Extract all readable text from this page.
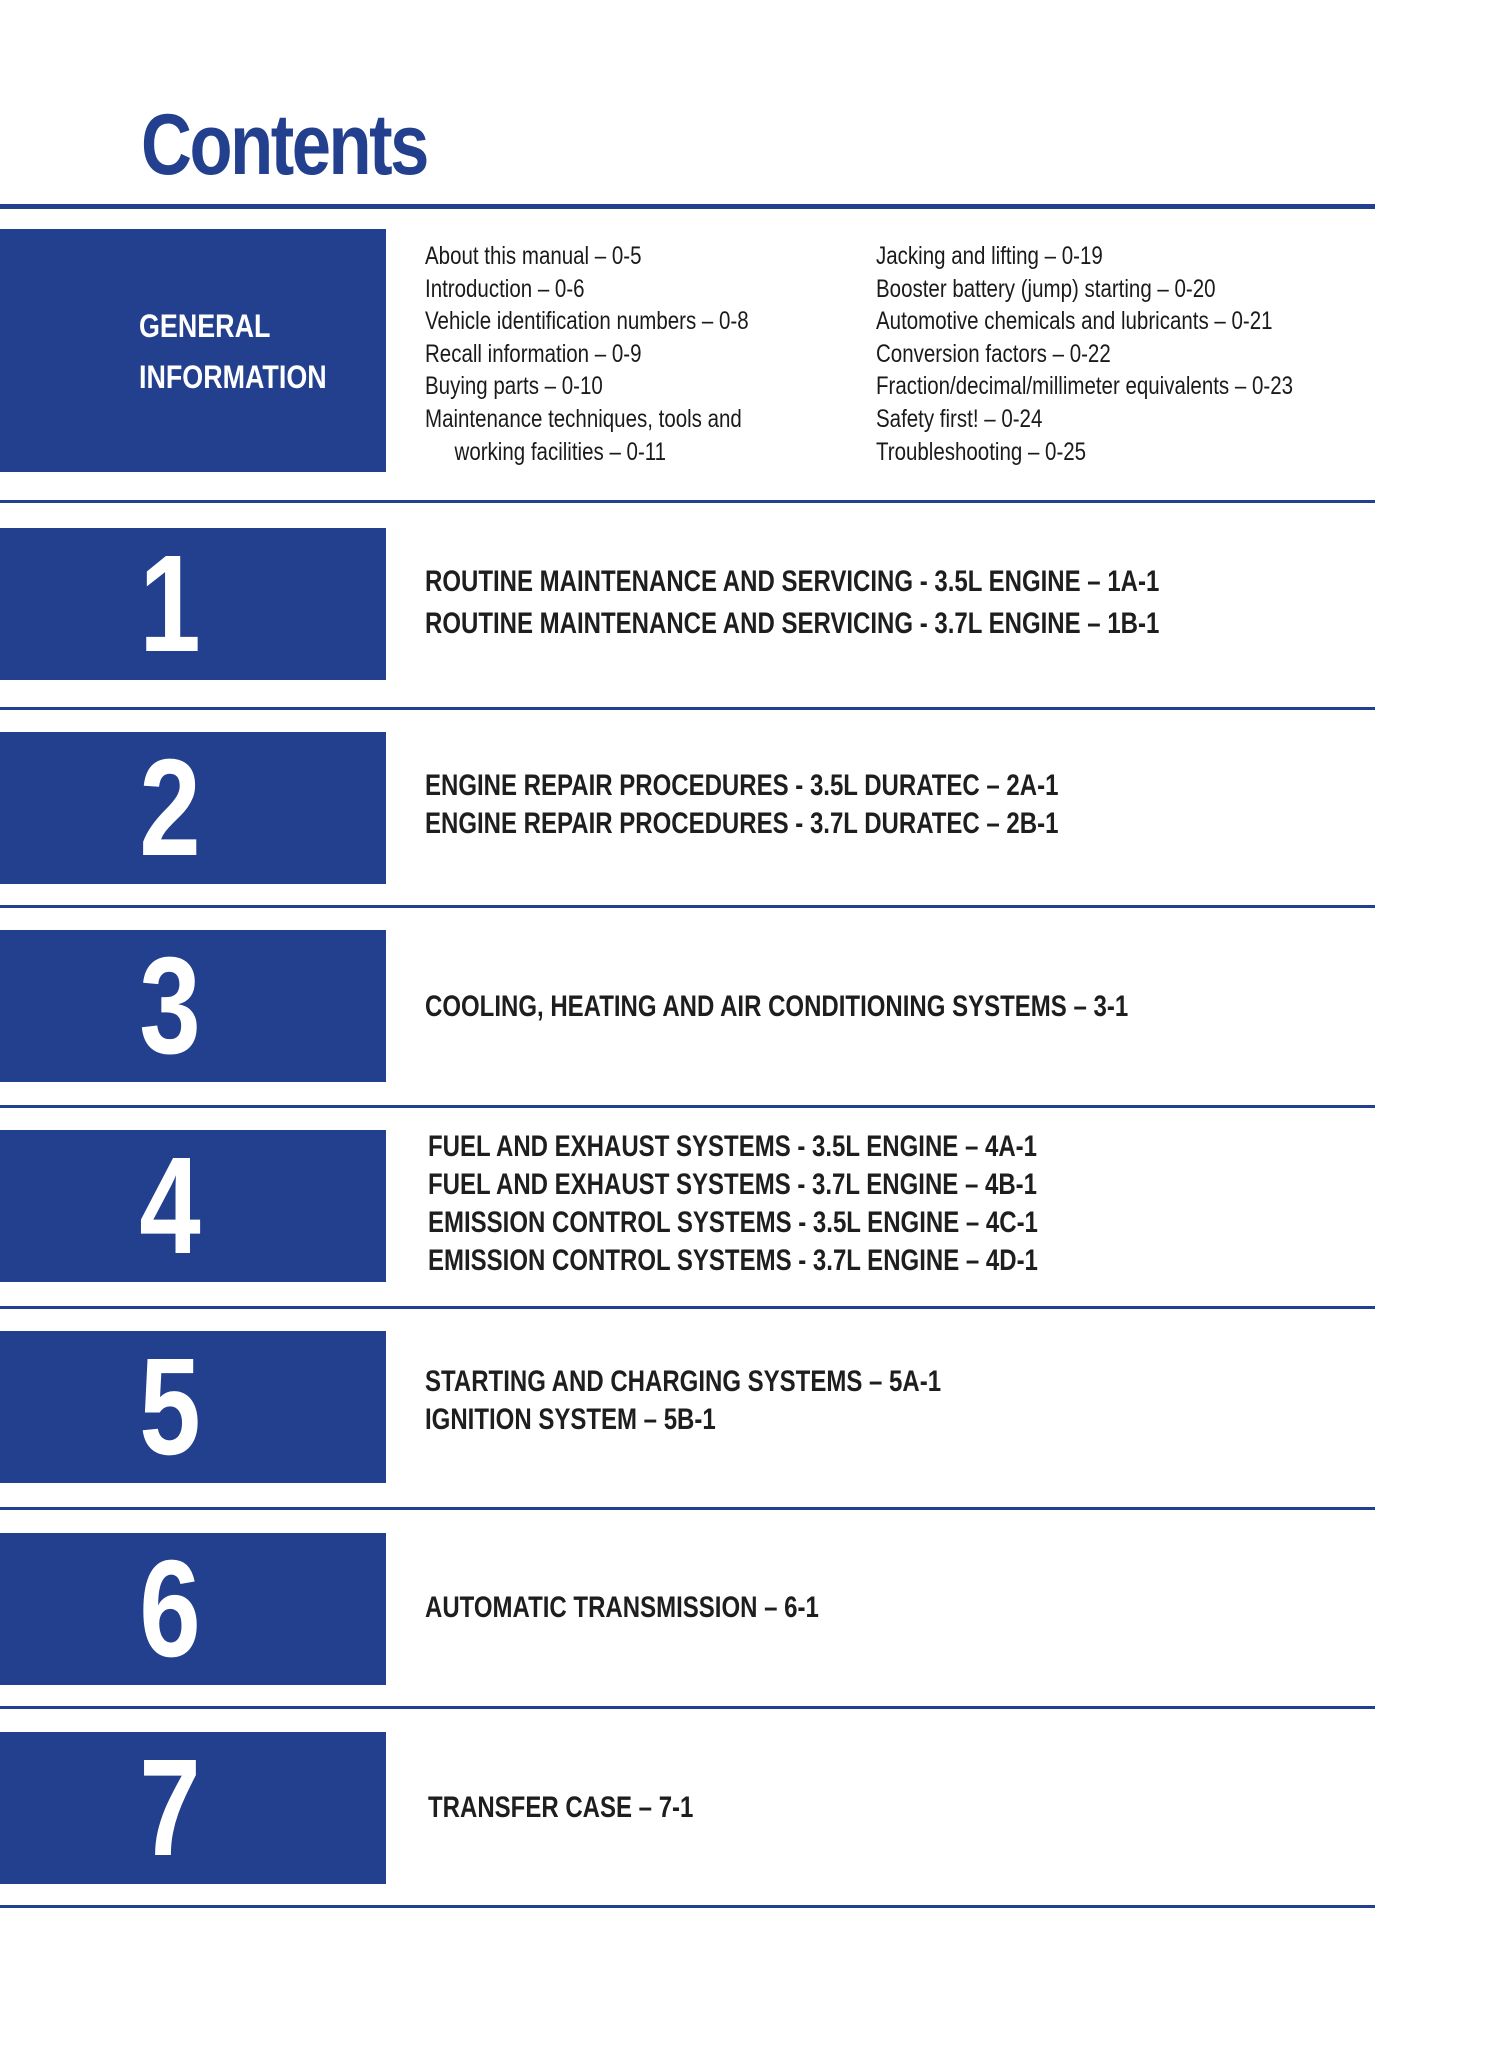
Contents
GENERAL
INFORMATION
About this manual – 0-5
Introduction – 0-6
Vehicle identification numbers – 0-8
Recall information – 0-9
Buying parts – 0-10
Maintenance techniques, tools and
working facilities – 0-11
Jacking and lifting – 0-19
Booster battery (jump) starting – 0-20
Automotive chemicals and lubricants – 0-21
Conversion factors – 0-22
Fraction/decimal/millimeter equivalents – 0-23
Safety first! – 0-24
Troubleshooting – 0-25
1	ROUTINE MAINTENANCE AND SERVICING - 3.5L ENGINE – 1A-1
ROUTINE MAINTENANCE AND SERVICING - 3.7L ENGINE – 1B-1
2	ENGINE REPAIR PROCEDURES - 3.5L DURATEC – 2A-1
ENGINE REPAIR PROCEDURES - 3.7L DURATEC – 2B-1
3	COOLING, HEATING AND AIR CONDITIONING SYSTEMS – 3-1
4	FUEL AND EXHAUST SYSTEMS - 3.5L ENGINE – 4A-1
FUEL AND EXHAUST SYSTEMS - 3.7L ENGINE – 4B-1
EMISSION CONTROL SYSTEMS - 3.5L ENGINE – 4C-1
EMISSION CONTROL SYSTEMS - 3.7L ENGINE – 4D-1
5	STARTING AND CHARGING SYSTEMS – 5A-1
IGNITION SYSTEM – 5B-1
6	AUTOMATIC TRANSMISSION – 6-1
7	TRANSFER CASE – 7-1
